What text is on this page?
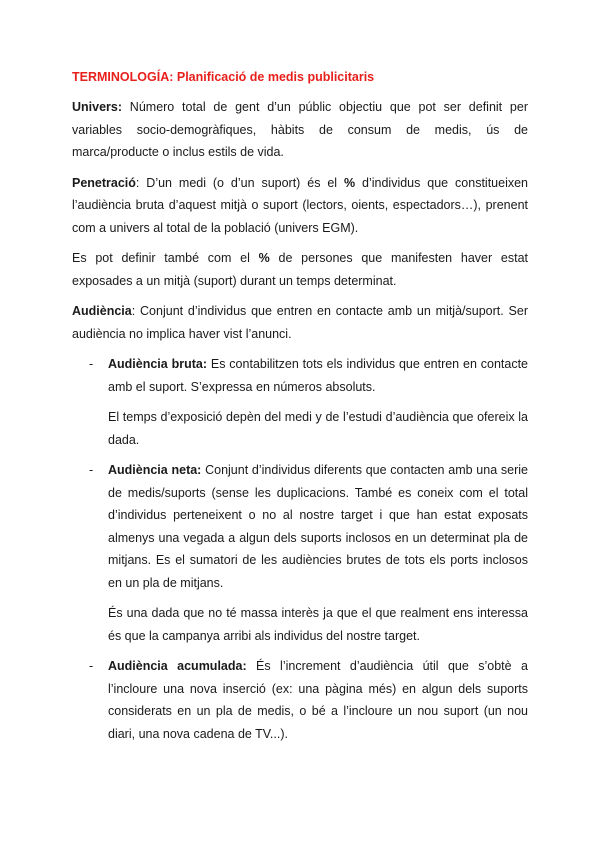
TERMINOLOGÍA: Planificació de medis publicitaris

Univers: Número total de gent d’un públic objectiu que pot ser definit per variables socio-demogràfiques, hàbits de consum de medis, ús de marca/producte o inclus estils de vida.

Penetració: D’un medi (o d’un suport) és el % d’individus que constitueixen l’audiència bruta d’aquest mitjà o suport (lectors, oients, espectadors…), prenent com a univers al total de la població (univers EGM).

Es pot definir també com el % de persones que manifesten haver estat exposades a un mitjà (suport) durant un temps determinat.

Audiència: Conjunt d’individus que entren en contacte amb un mitjà/suport. Ser audiència no implica haver vist l’anunci.

- Audiència bruta: Es contabilitzen tots els individus que entren en contacte amb el suport. S’expressa en números absoluts.

El temps d’exposició depèn del medi y de l’estudi d’audiència que ofereix la dada.

- Audiència neta: Conjunt d’individus diferents que contacten amb una serie de medis/suports (sense les duplicacions. També es coneix com el total d’individus perteneixent o no al nostre target i que han estat exposats almenys una vegada a algun dels suports inclosos en un determinat pla de mitjans. Es el sumatori de les audiències brutes de tots els ports inclosos en un pla de mitjans.

És una dada que no té massa interès ja que el que realment ens interessa és que la campanya arribi als individus del nostre target.

- Audiència acumulada: És l’increment d’audiència útil que s’obtè a l’incloure una nova inserció (ex: una pàgina més) en algun dels suports considerats en un pla de medis, o bé a l’incloure un nou suport (un nou diari, una nova cadena de TV...).
